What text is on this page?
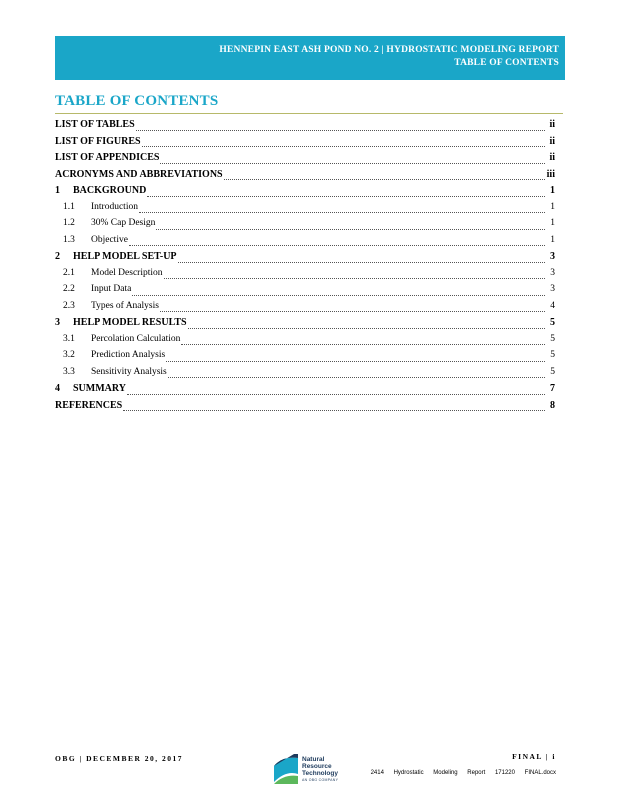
HENNEPIN EAST ASH POND NO. 2 | HYDROSTATIC MODELING REPORT
TABLE OF CONTENTS
TABLE OF CONTENTS
LIST OF TABLES	ii
LIST OF FIGURES	ii
LIST OF APPENDICES	ii
ACRONYMS AND ABBREVIATIONS	iii
1	BACKGROUND	1
1.1	Introduction	1
1.2	30% Cap Design	1
1.3	Objective	1
2	HELP MODEL SET-UP	3
2.1	Model Description	3
2.2	Input Data	3
2.3	Types of Analysis	4
3	HELP MODEL RESULTS	5
3.1	Percolation Calculation	5
3.2	Prediction Analysis	5
3.3	Sensitivity Analysis	5
4	SUMMARY	7
REFERENCES	8
OBG | DECEMBER 20, 2017	Natural
Resource
Technology
AN OBG COMPANY
FINAL | i
2414 Hydrostatic Modeling Report 171220 FINAL.docx
